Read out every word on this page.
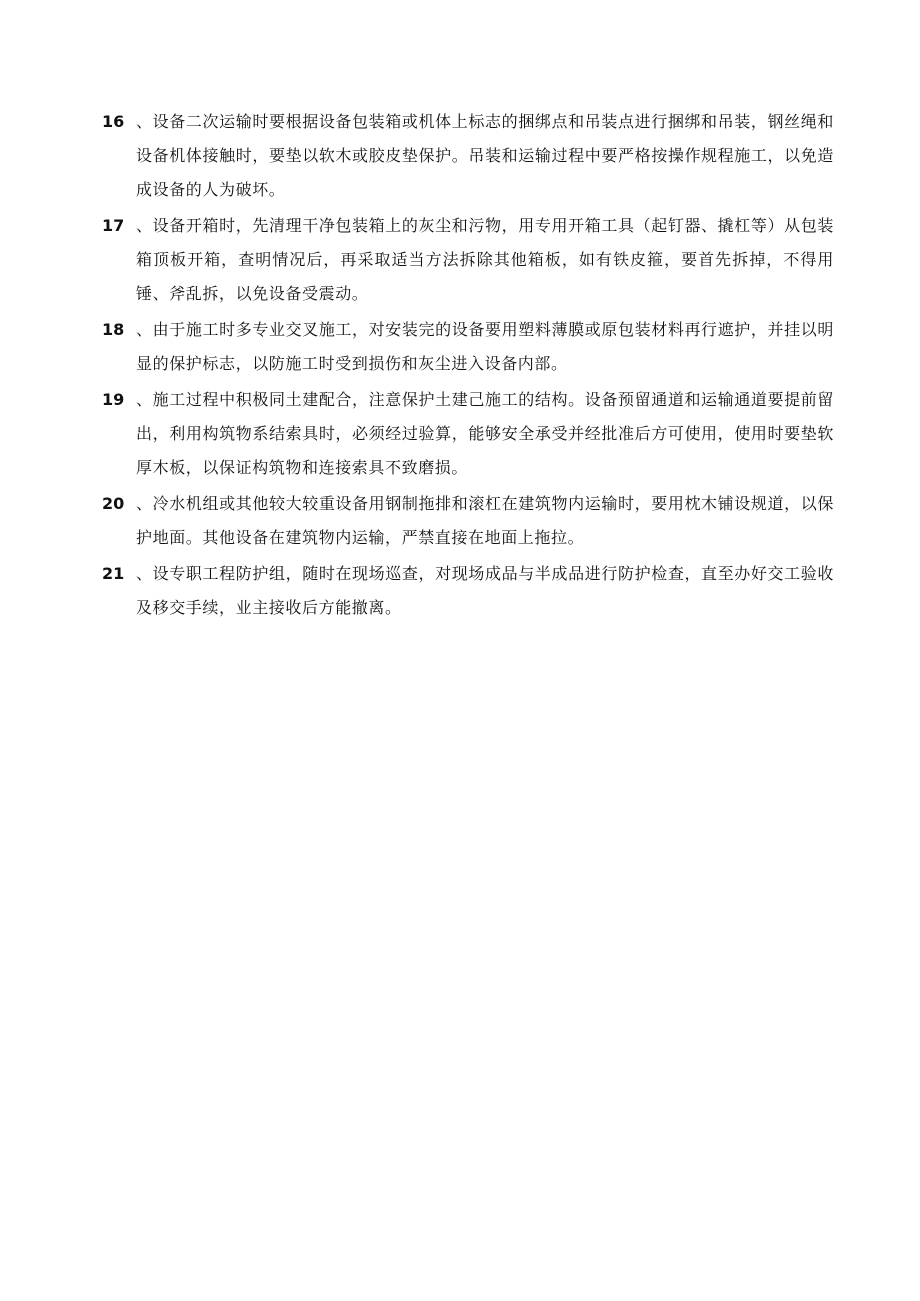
16 、设备二次运输时要根据设备包装箱或机体上标志的捆绑点和吊装点进行捆绑和吊装，钢丝绳和设备机体接触时，要垫以软木或胶皮垫保护。吊装和运输过程中要严格按操作规程施工，以免造成设备的人为破坏。

17 、设备开箱时，先清理干净包装箱上的灰尘和污物，用专用开箱工具（起钉器、撬杠等）从包装箱顶板开箱，查明情况后，再采取适当方法拆除其他箱板，如有铁皮箍，要首先拆掉，不得用锤、斧乱拆，以免设备受震动。

18 、由于施工时多专业交叉施工，对安装完的设备要用塑料薄膜或原包装材料再行遮护，并挂以明显的保护标志，以防施工时受到损伤和灰尘进入设备内部。

19 、施工过程中积极同土建配合，注意保护土建己施工的结构。设备预留通道和运输通道要提前留出，利用构筑物系结索具时，必须经过验算，能够安全承受并经批准后方可使用，使用时要垫软厚木板，以保证构筑物和连接索具不致磨损。

20 、冷水机组或其他较大较重设备用钢制拖排和滚杠在建筑物内运输时，要用枕木铺设规道，以保护地面。其他设备在建筑物内运输，严禁直接在地面上拖拉。

21 、设专职工程防护组，随时在现场巡查，对现场成品与半成品进行防护检查，直至办好交工验收及移交手续，业主接收后方能撤离。
